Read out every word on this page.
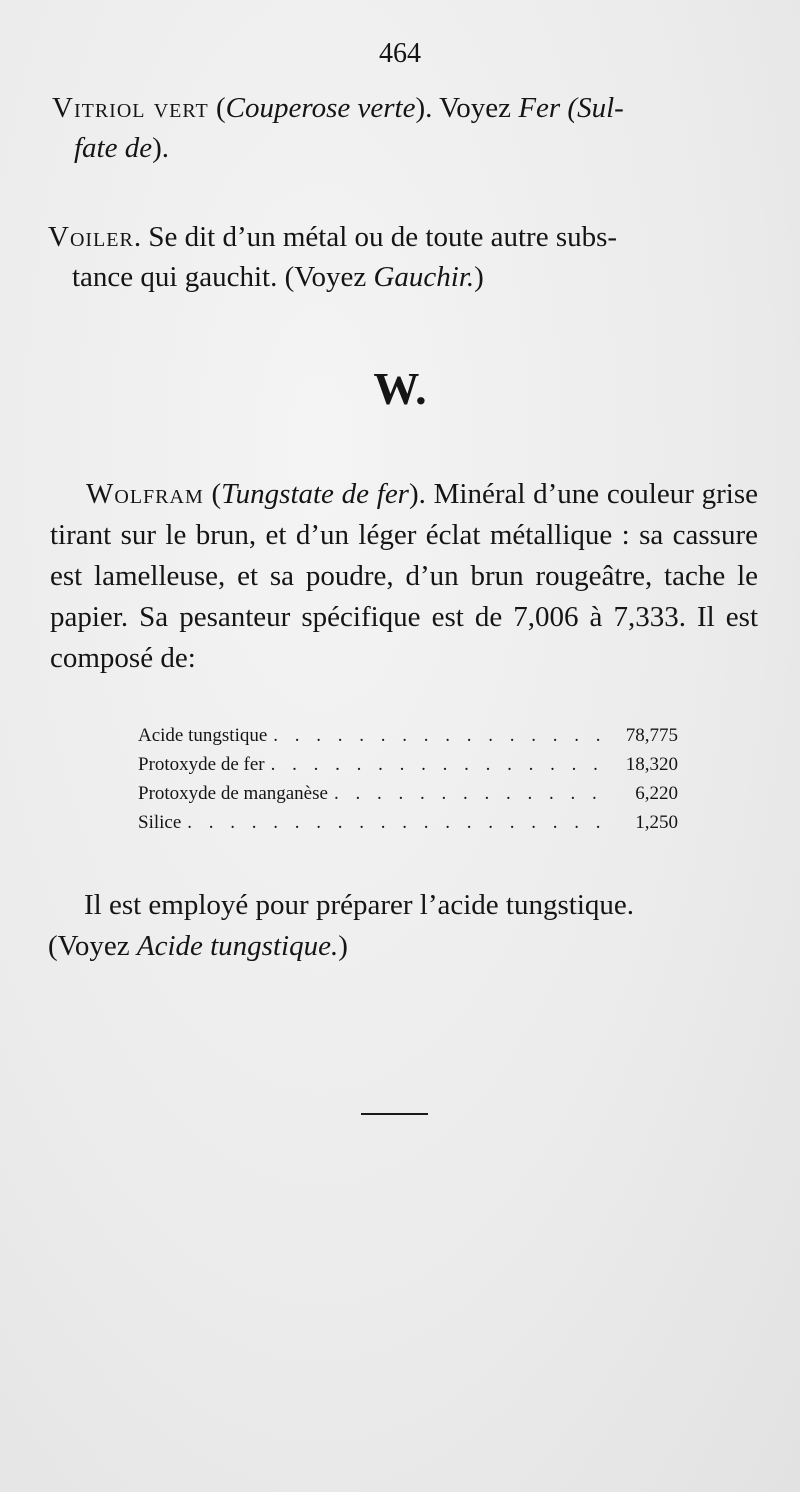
464
Vitriol vert (Couperose verte). Voyez Fer (Sul-
fate de).
Voiler. Se dit d’un métal ou de toute autre subs-
tance qui gauchit. (Voyez Gauchir.)
W.
Wolfram (Tungstate de fer). Minéral d’une couleur grise tirant sur le brun, et d’un léger éclat métallique : sa cassure est lamelleuse, et sa poudre, d’un brun rougeâtre, tache le papier. Sa pesanteur spécifique est de 7,006 à 7,333. Il est composé de:
Acide tungstique . . .	78,775
Protoxyde de fer . . .	18,320
Protoxyde de manganèse . . .	6,220
Silice . . .	1,250
Il est employé pour préparer l’acide tungstique.
(Voyez Acide tungstique.)
